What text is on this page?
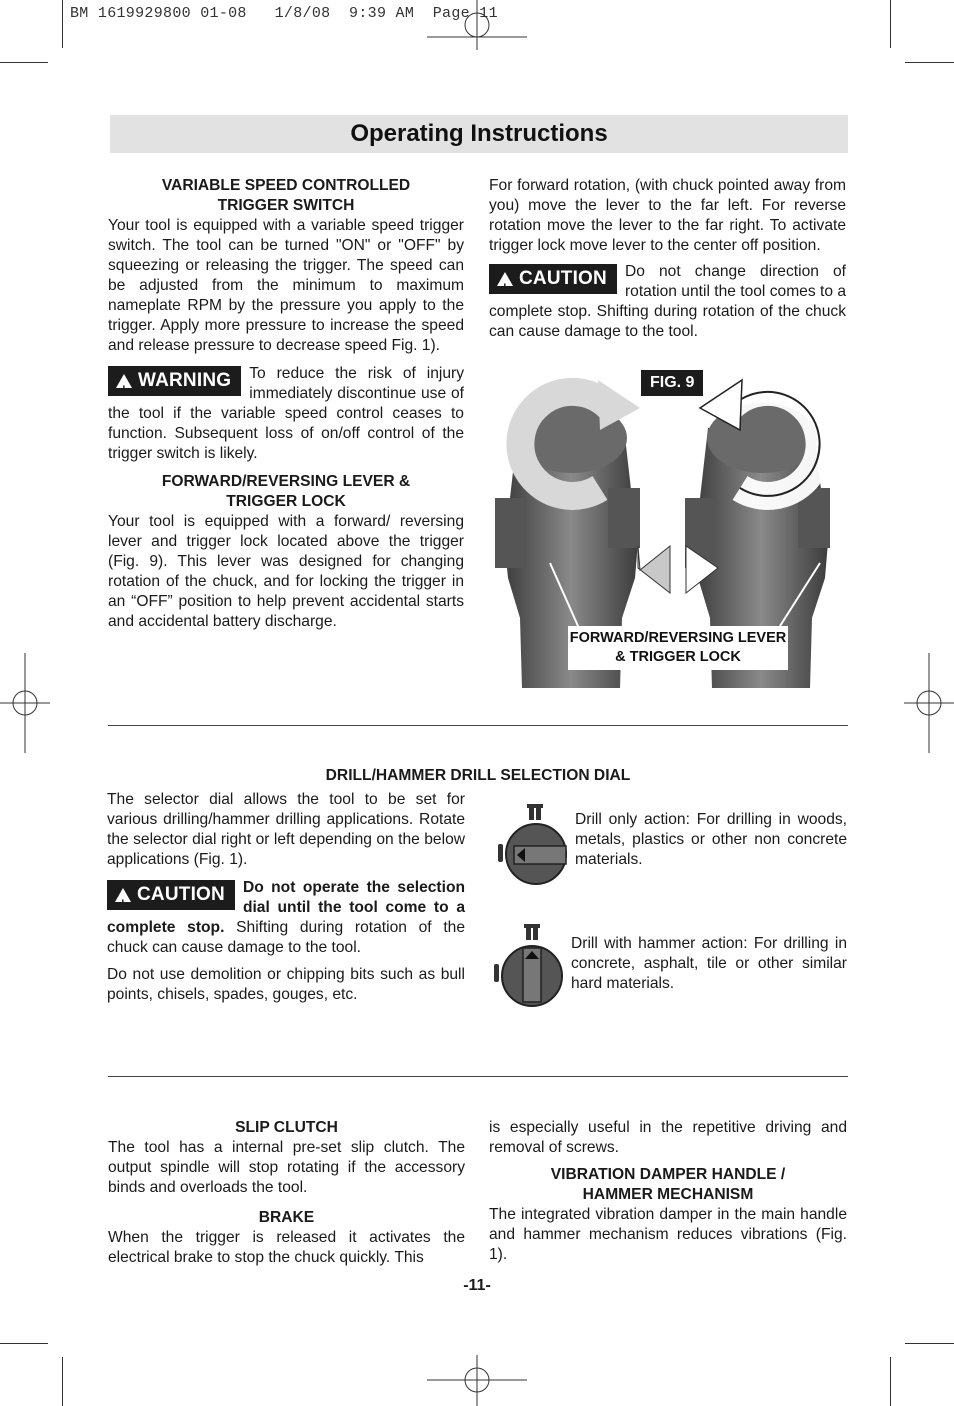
BM 1619929800 01-08   1/8/08  9:39 AM  Page 11
Operating Instructions
VARIABLE SPEED CONTROLLED
TRIGGER SWITCH

Your tool is equipped with a variable speed trigger switch. The tool can be turned "ON" or "OFF" by squeezing or releasing the trigger. The speed can be adjusted from the minimum to maximum nameplate RPM by the pressure you apply to the trigger. Apply more pressure to increase the speed and release pressure to decrease speed Fig. 1).

!
WARNING	To reduce the risk of injury immediately discontinue use of the tool if the variable speed control ceases to function. Subsequent loss of on/off control of the trigger switch is likely.

FORWARD/REVERSING LEVER &
TRIGGER LOCK

Your tool is equipped with a forward/ reversing lever and trigger lock located above the trigger (Fig. 9). This lever was designed for changing rotation of the chuck, and for locking the trigger in an “OFF” position to help prevent accidental starts and accidental battery discharge.

For forward rotation, (with chuck pointed away from you) move the lever to the far left. For reverse rotation move the lever to the far right. To activate trigger lock move lever to the center off position.

!
CAUTION	Do not change direction of rotation until the tool comes to a complete stop. Shifting during rotation of the chuck can cause damage to the tool.

FIG. 9
FORWARD/REVERSING LEVER
& TRIGGER LOCK
DRILL/HAMMER DRILL SELECTION DIAL

The selector dial allows the tool to be set for various drilling/hammer drilling applications. Rotate the selector dial right or left depending on the below applications (Fig. 1).

!
CAUTION	Do not operate the selection dial until the tool come to a complete stop. Shifting during rotation of the chuck can cause damage to the tool.

Do not use demolition or chipping bits such as bull points, chisels, spades, gouges, etc.

Drill only action: For drilling in woods, metals, plastics or other non concrete materials.
Drill with hammer action: For drilling in concrete, asphalt, tile or other similar hard materials.
SLIP CLUTCH

The tool has a internal pre-set slip clutch. The output spindle will stop rotating if the accessory binds and overloads the tool.

BRAKE

When the trigger is released it activates the electrical brake to stop the chuck quickly. This

is especially useful in the repetitive driving and removal of screws.

VIBRATION DAMPER HANDLE /
HAMMER MECHANISM

The integrated vibration damper in the main handle and hammer mechanism reduces vibrations (Fig. 1).

-11-
